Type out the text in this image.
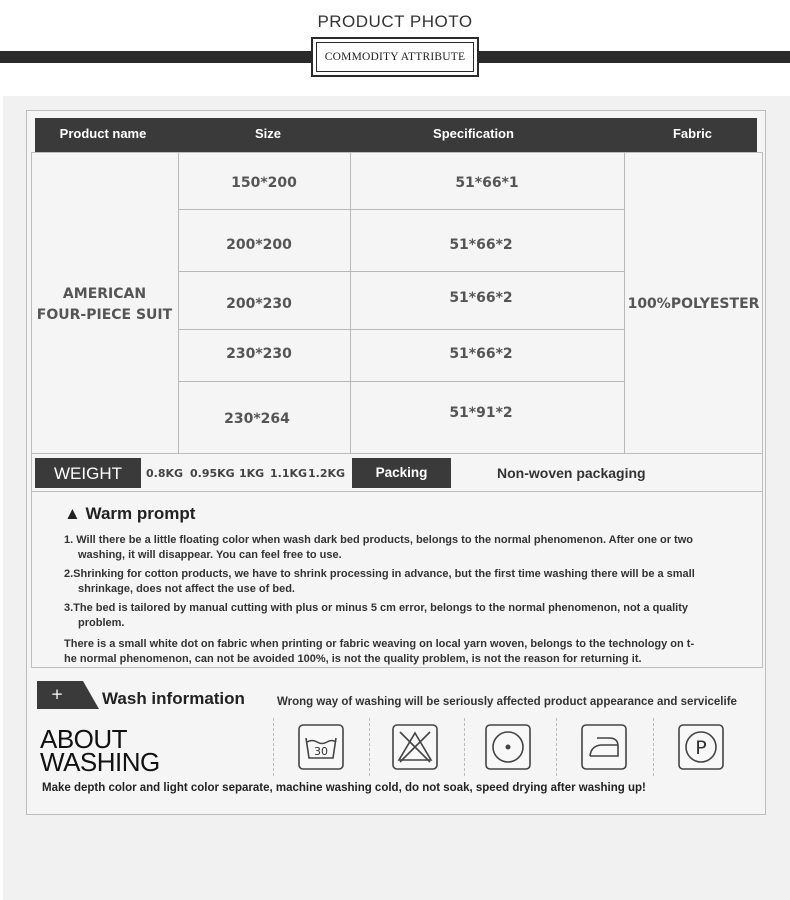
PRODUCT PHOTO
COMMODITY ATTRIBUTE
Product name	Size	Specification	Fabric
AMERICAN
FOUR-PIECE SUIT
150*200	51*66*1
200*200	51*66*2
200*230	51*66*2
230*230	51*66*2
230*264	51*91*2
100%POLYESTER
WEIGHT	0.8KG 0.95KG 1KG 1.1KG 1.2KG	Packing	Non-woven packaging
▲ Warm prompt
1. Will there be a little floating color when wash dark bed products, belongs to the normal phenomenon. After one or two
washing, it will disappear. You can feel free to use.
2.Shrinking for cotton products, we have to shrink processing in advance, but the first time washing there will be a small
shrinkage, does not affect the use of bed.
3.The bed is tailored by manual cutting with plus or minus 5 cm error, belongs to the normal phenomenon, not a quality
problem.
There is a small white dot on fabric when printing or fabric weaving on local yarn woven, belongs to the technology on t-
he normal phenomenon, can not be avoided 100%, is not the quality problem, is not the reason for returning it.
+ Wash information	Wrong way of washing will be seriously affected product appearance and servicelife
ABOUT
WASHING	30	P
Make depth color and light color separate, machine washing cold, do not soak, speed drying after washing up!
